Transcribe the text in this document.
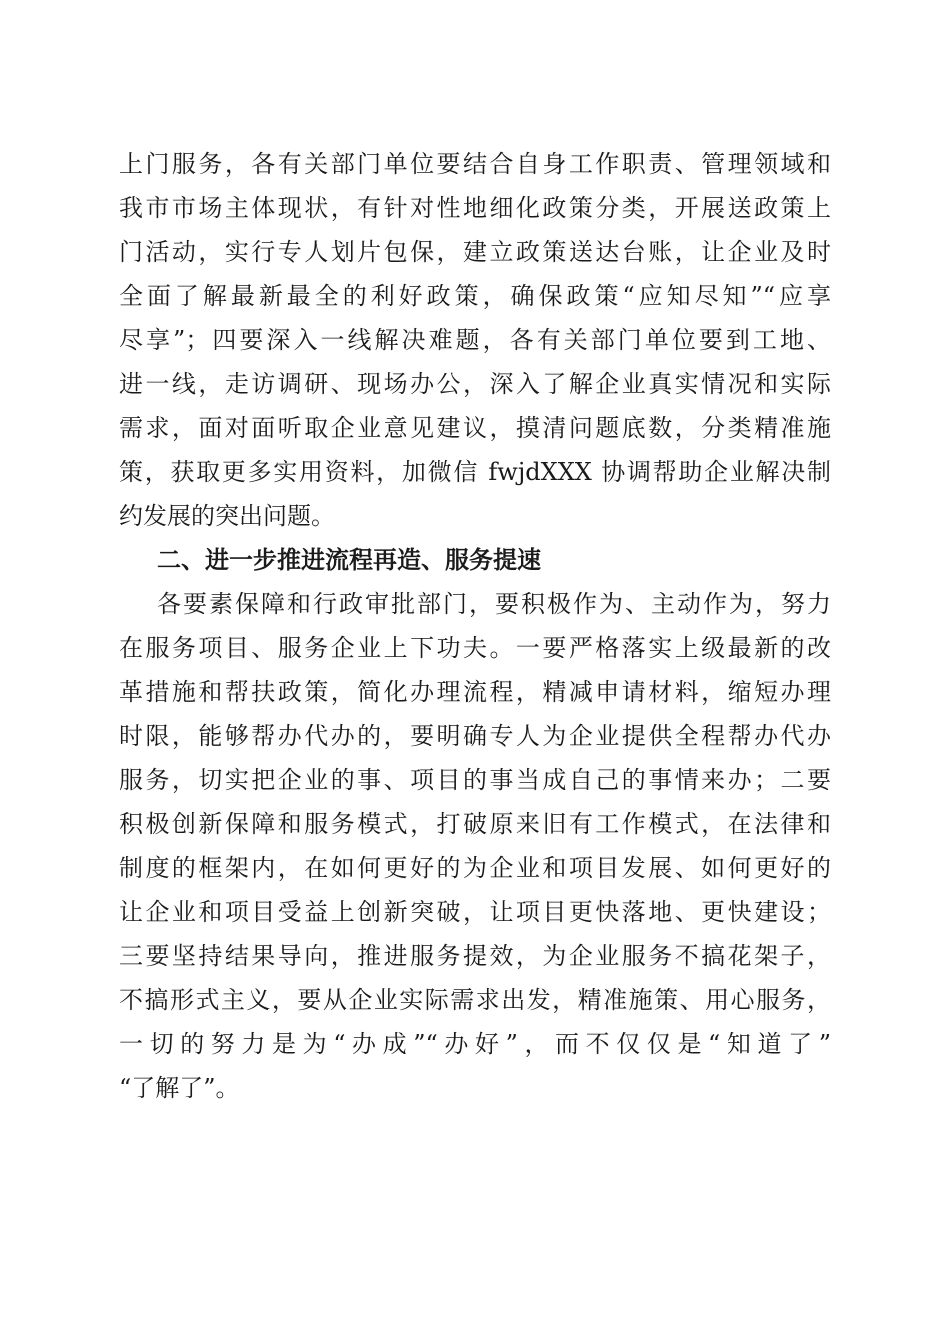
上门服务，各有关部门单位要结合自身工作职责、管理领域和
我市市场主体现状，有针对性地细化政策分类，开展送政策上
门活动，实行专人划片包保，建立政策送达台账，让企业及时
全面了解最新最全的利好政策，确保政策“应知尽知”“应享
尽享”；四要深入一线解决难题，各有关部门单位要到工地、
进一线，走访调研、现场办公，深入了解企业真实情况和实际
需求，面对面听取企业意见建议，摸清问题底数，分类精准施
策，获取更多实用资料，加微信 fwjdXXX 协调帮助企业解决制
约发展的突出问题。
二、进一步推进流程再造、服务提速
各要素保障和行政审批部门，要积极作为、主动作为，努力
在服务项目、服务企业上下功夫。一要严格落实上级最新的改
革措施和帮扶政策，简化办理流程，精减申请材料，缩短办理
时限，能够帮办代办的，要明确专人为企业提供全程帮办代办
服务，切实把企业的事、项目的事当成自己的事情来办；二要
积极创新保障和服务模式，打破原来旧有工作模式，在法律和
制度的框架内，在如何更好的为企业和项目发展、如何更好的
让企业和项目受益上创新突破，让项目更快落地、更快建设；
三要坚持结果导向，推进服务提效，为企业服务不搞花架子，
不搞形式主义，要从企业实际需求出发，精准施策、用心服务，
一切的努力是为“办成”“办好”，而不仅仅是“知道了”
“了解了”。
